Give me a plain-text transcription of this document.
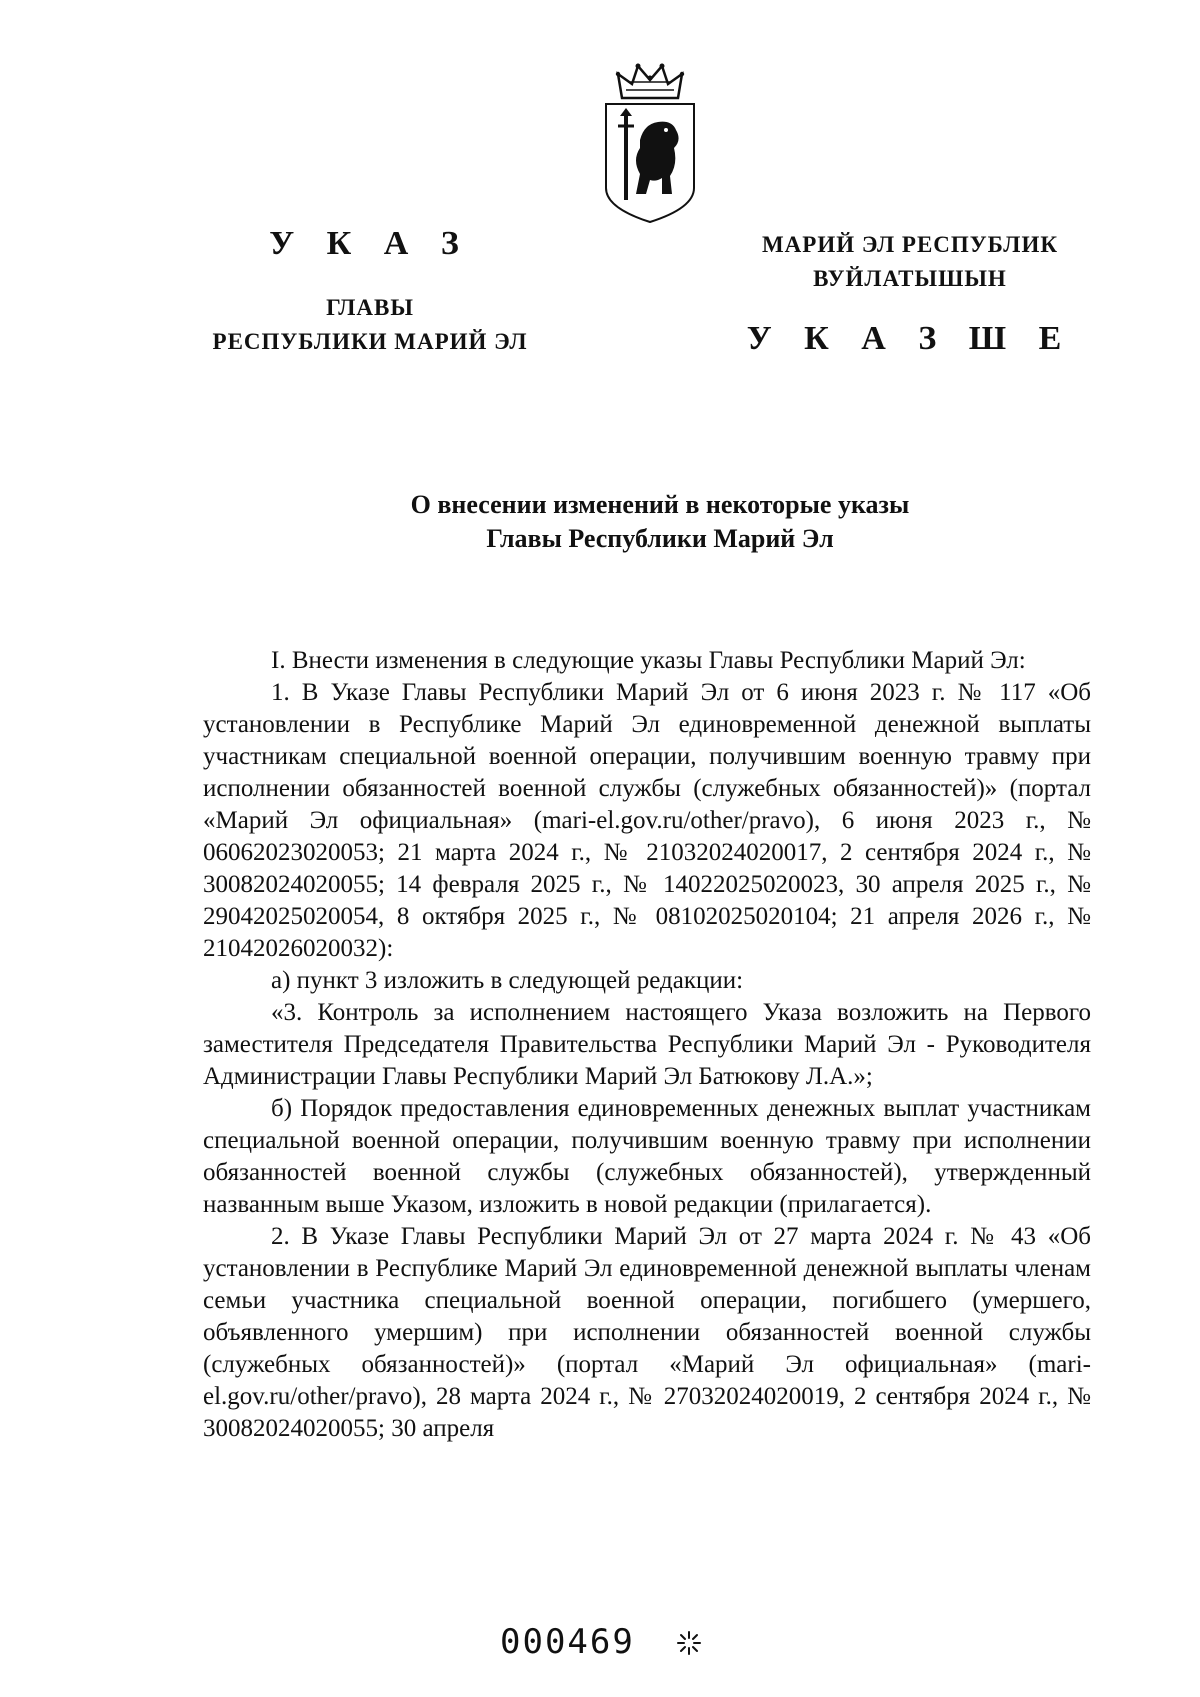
У К А З
ГЛАВЫ
РЕСПУБЛИКИ МАРИЙ ЭЛ
МАРИЙ ЭЛ РЕСПУБЛИК
ВУЙЛАТЫШЫН
У К А З Ш Е
О внесении изменений в некоторые указы
Главы Республики Марий Эл

I. Внести изменения в следующие указы Главы Республики Марий Эл:

1. В Указе Главы Республики Марий Эл от 6 июня 2023 г. № 117 «Об установлении в Республике Марий Эл единовременной денежной выплаты участникам специальной военной операции, получившим военную травму при исполнении обязанностей военной службы (служебных обязанностей)» (портал «Марий Эл официальная» (mari-el.gov.ru/other/pravo), 6 июня 2023 г., № 06062023020053; 21 марта 2024 г., № 21032024020017, 2 сентября 2024 г., № 30082024020055; 14 февраля 2025 г., № 14022025020023, 30 апреля 2025 г., № 29042025020054, 8 октября 2025 г., № 08102025020104; 21 апреля 2026 г., № 21042026020032):

а) пункт 3 изложить в следующей редакции:

«3. Контроль за исполнением настоящего Указа возложить на Первого заместителя Председателя Правительства Республики Марий Эл - Руководителя Администрации Главы Республики Марий Эл Батюкову Л.А.»;

б) Порядок предоставления единовременных денежных выплат участникам специальной военной операции, получившим военную травму при исполнении обязанностей военной службы (служебных обязанностей), утвержденный названным выше Указом, изложить в новой редакции (прилагается).

2. В Указе Главы Республики Марий Эл от 27 марта 2024 г. № 43 «Об установлении в Республике Марий Эл единовременной денежной выплаты членам семьи участника специальной военной операции, погибшего (умершего, объявленного умершим) при исполнении обязанностей военной службы (служебных обязанностей)» (портал «Марий Эл официальная» (mari-el.gov.ru/other/pravo), 28 марта 2024 г., № 27032024020019, 2 сентября 2024 г., № 30082024020055; 30 апреля

000469
